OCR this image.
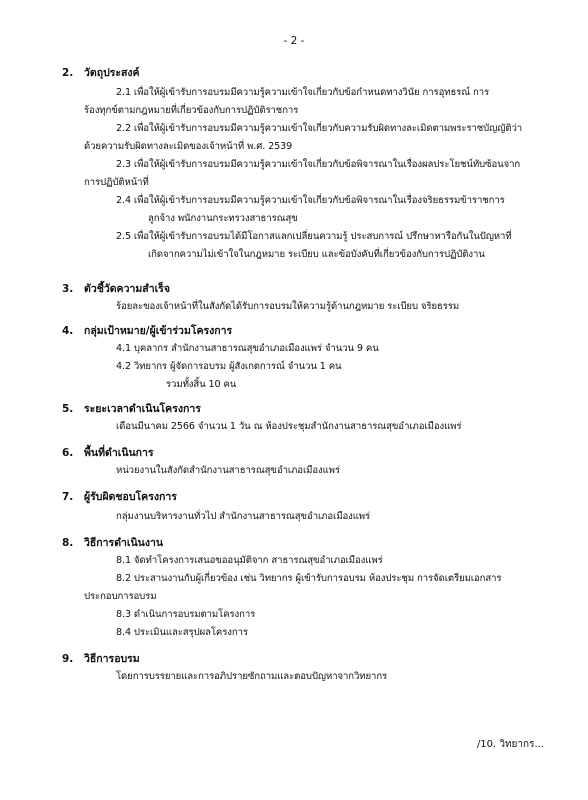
- 2 -
2. วัตถุประสงค์
2.1 เพื่อให้ผู้เข้ารับการอบรมมีความรู้ความเข้าใจเกี่ยวกับข้อกำหนดทางวินัย การอุทธรณ์ การ
ร้องทุกข์ตามกฎหมายที่เกี่ยวข้องกับการปฏิบัติราชการ
2.2 เพื่อให้ผู้เข้ารับการอบรมมีความรู้ความเข้าใจเกี่ยวกับความรับผิดทางละเมิดตามพระราชบัญญัติว่า
ด้วยความรับผิดทางละเมิดของเจ้าหน้าที่ พ.ศ. 2539
2.3 เพื่อให้ผู้เข้ารับการอบรมมีความรู้ความเข้าใจเกี่ยวกับข้อพิจารณาในเรื่องผลประโยชน์ทับซ้อนจาก
การปฏิบัติหน้าที่
2.4 เพื่อให้ผู้เข้ารับการอบรมมีความรู้ความเข้าใจเกี่ยวกับข้อพิจารณาในเรื่องจริยธรรมข้าราชการ
ลูกจ้าง พนักงานกระทรวงสาธารณสุข
2.5 เพื่อให้ผู้เข้ารับการอบรมได้มีโอกาสแลกเปลี่ยนความรู้ ประสบการณ์ ปรึกษาหารือกันในปัญหาที่
เกิดจากความไม่เข้าใจในกฎหมาย ระเบียบ และข้อบังคับที่เกี่ยวข้องกับการปฏิบัติงาน
3. ตัวชี้วัดความสำเร็จ
ร้อยละของเจ้าหน้าที่ในสังกัดได้รับการอบรมให้ความรู้ด้านกฎหมาย ระเบียบ จริยธรรม
4. กลุ่มเป้าหมาย/ผู้เข้าร่วมโครงการ
4.1 บุคลากร สำนักงานสาธารณสุขอำเภอเมืองแพร่ จำนวน 9 คน
4.2 วิทยากร ผู้จัดการอบรม ผู้สังเกตการณ์ จำนวน 1 คน
รวมทั้งสิ้น 10 คน
5. ระยะเวลาดำเนินโครงการ
เดือนมีนาคม 2566 จำนวน 1 วัน ณ ห้องประชุมสำนักงานสาธารณสุขอำเภอเมืองแพร่
6. พื้นที่ดำเนินการ
หน่วยงานในสังกัดสำนักงานสาธารณสุขอำเภอเมืองแพร่
7. ผู้รับผิดชอบโครงการ
กลุ่มงานบริหารงานทั่วไป สำนักงานสาธารณสุขอำเภอเมืองแพร่
8. วิธีการดำเนินงาน
8.1 จัดทำโครงการเสนอขออนุมัติจาก สาธารณสุขอำเภอเมืองแพร่
8.2 ประสานงานกับผู้เกี่ยวข้อง เช่น วิทยากร ผู้เข้ารับการอบรม ห้องประชุม การจัดเตรียมเอกสาร
ประกอบการอบรม
8.3 ดำเนินการอบรมตามโครงการ
8.4 ประเมินและสรุปผลโครงการ
9. วิธีการอบรม
โดยการบรรยายและการอภิปรายซักถามและตอบปัญหาจากวิทยากร
/10. วิทยากร...
